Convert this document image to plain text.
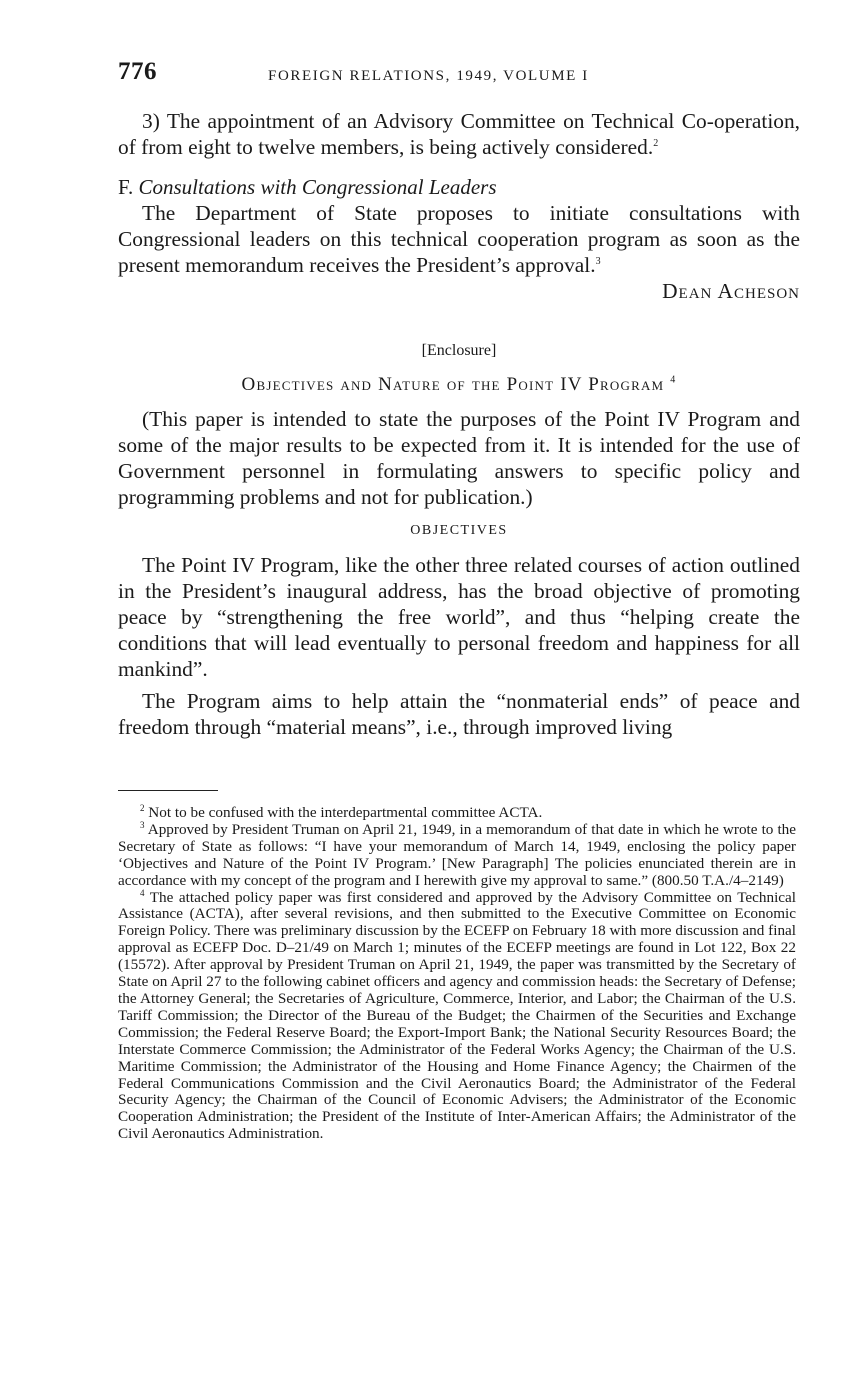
776	FOREIGN RELATIONS, 1949, VOLUME I

3) The appointment of an Advisory Committee on Technical Co-operation, of from eight to twelve members, is being actively considered.$^2$

F. Consultations with Congressional Leaders

The Department of State proposes to initiate consultations with Congressional leaders on this technical cooperation program as soon as the present memorandum receives the President’s approval.$^3$

Dean Acheson

[Enclosure]

Objectives and Nature of the Point IV Program $^4$

(This paper is intended to state the purposes of the Point IV Program and some of the major results to be expected from it. It is intended for the use of Government personnel in formulating answers to specific policy and programming problems and not for publication.)

OBJECTIVES

The Point IV Program, like the other three related courses of action outlined in the President’s inaugural address, has the broad objective of promoting peace by “strengthening the free world”, and thus “helping create the conditions that will lead eventually to personal freedom and happiness for all mankind”.

The Program aims to help attain the “nonmaterial ends” of peace and freedom through “material means”, i.e., through improved living

$^2$ Not to be confused with the interdepartmental committee ACTA.

$^3$ Approved by President Truman on April 21, 1949, in a memorandum of that date in which he wrote to the Secretary of State as follows: “I have your memorandum of March 14, 1949, enclosing the policy paper ‘Objectives and Nature of the Point IV Program.’ [New Paragraph] The policies enunciated therein are in accordance with my concept of the program and I herewith give my approval to same.” (800.50 T.A./4–2149)

$^4$ The attached policy paper was first considered and approved by the Advisory Committee on Technical Assistance (ACTA), after several revisions, and then submitted to the Executive Committee on Economic Foreign Policy. There was preliminary discussion by the ECEFP on February 18 with more discussion and final approval as ECEFP Doc. D–21/49 on March 1; minutes of the ECEFP meetings are found in Lot 122, Box 22 (15572). After approval by President Truman on April 21, 1949, the paper was transmitted by the Secretary of State on April 27 to the following cabinet officers and agency and commission heads: the Secretary of Defense; the Attorney General; the Secretaries of Agriculture, Commerce, Interior, and Labor; the Chairman of the U.S. Tariff Commission; the Director of the Bureau of the Budget; the Chairmen of the Securities and Exchange Commission; the Federal Reserve Board; the Export-Import Bank; the National Security Resources Board; the Interstate Commerce Commission; the Administrator of the Federal Works Agency; the Chairman of the U.S. Maritime Commission; the Administrator of the Housing and Home Finance Agency; the Chairmen of the Federal Communications Commission and the Civil Aeronautics Board; the Administrator of the Federal Security Agency; the Chairman of the Council of Economic Advisers; the Administrator of the Economic Cooperation Administration; the President of the Institute of Inter-American Affairs; the Administrator of the Civil Aeronautics Administration.
